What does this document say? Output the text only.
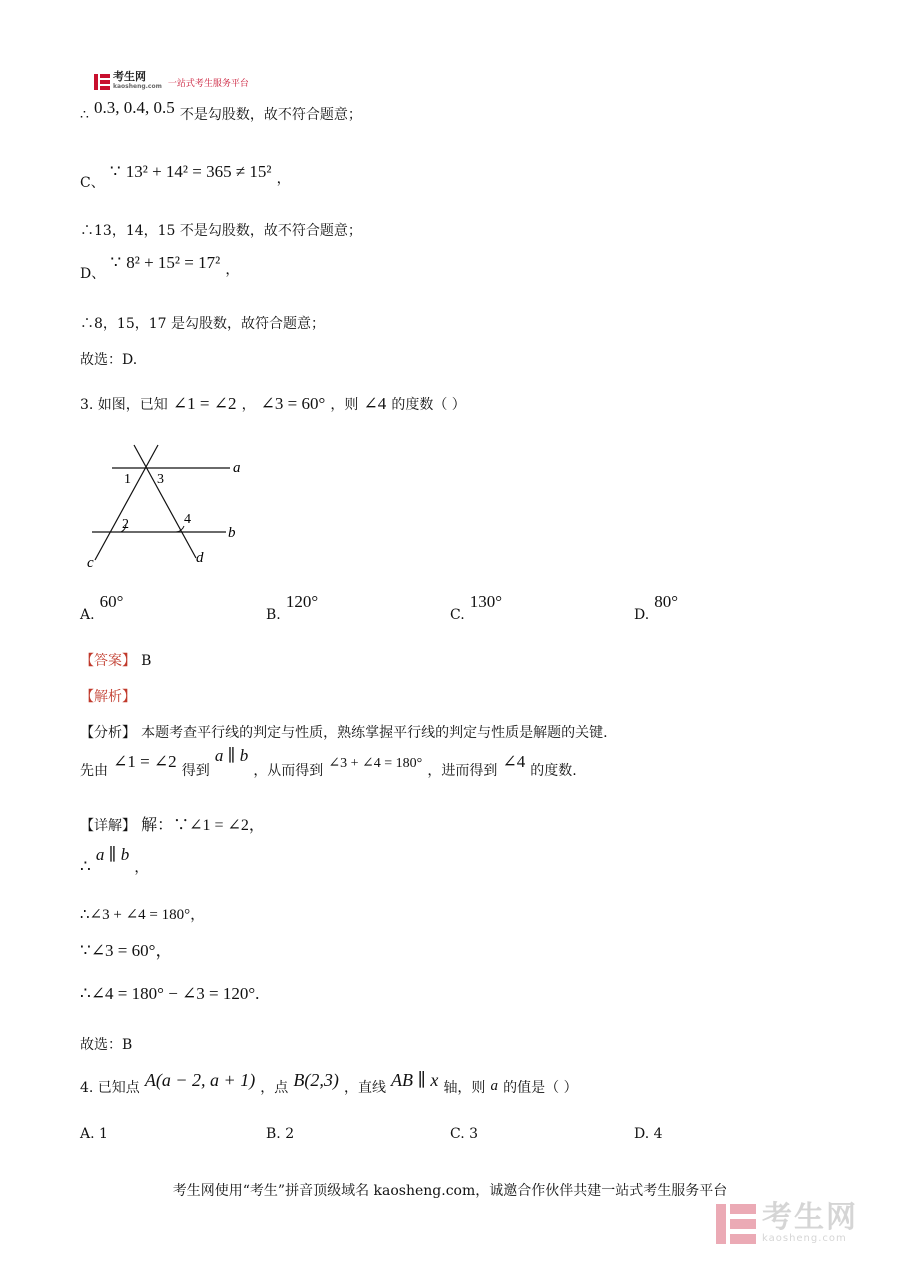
考生网
kaosheng.com 一站式考生服务平台
∴ 0.3, 0.4, 0.5 不是勾股数，故不符合题意；
C、 ∵ 13² + 14² = 365 ≠ 15² ，
∴13，14，15 不是勾股数，故不符合题意；
D、 ∵ 8² + 15² = 17² ，
∴8，15，17 是勾股数，故符合题意；
故选：D.
3. 如图，已知 ∠1 = ∠2 ， ∠3 = 60° ，则 ∠4 的度数（ ）
a
b
c	d
1 3
2	4
A. 60°
B. 120°
C. 130°
D. 80°
【答案】 B
【解析】
【分析】 本题考查平行线的判定与性质，熟练掌握平行线的判定与性质是解题的关键.
先由 ∠1 = ∠2 得到 a ∥ b ，从而得到 ∠3 + ∠4 = 180° ，进而得到 ∠4 的度数.
【详解】 解：∵∠1 = ∠2，
∴ a ∥ b ，
∴∠3 + ∠4 = 180°，
∵∠3 = 60°，
∴∠4 = 180° − ∠3 = 120°.
故选：B
4. 已知点 A(a − 2, a + 1) ，点 B(2,3) ，直线 AB ∥ x 轴，则 a 的值是（ ）
A. 1	B. 2	C. 3	D. 4
考生网使用“考生”拼音顶级域名 kaosheng.com，诚邀合作伙伴共建一站式考生服务平台
考生网
kaosheng.com
